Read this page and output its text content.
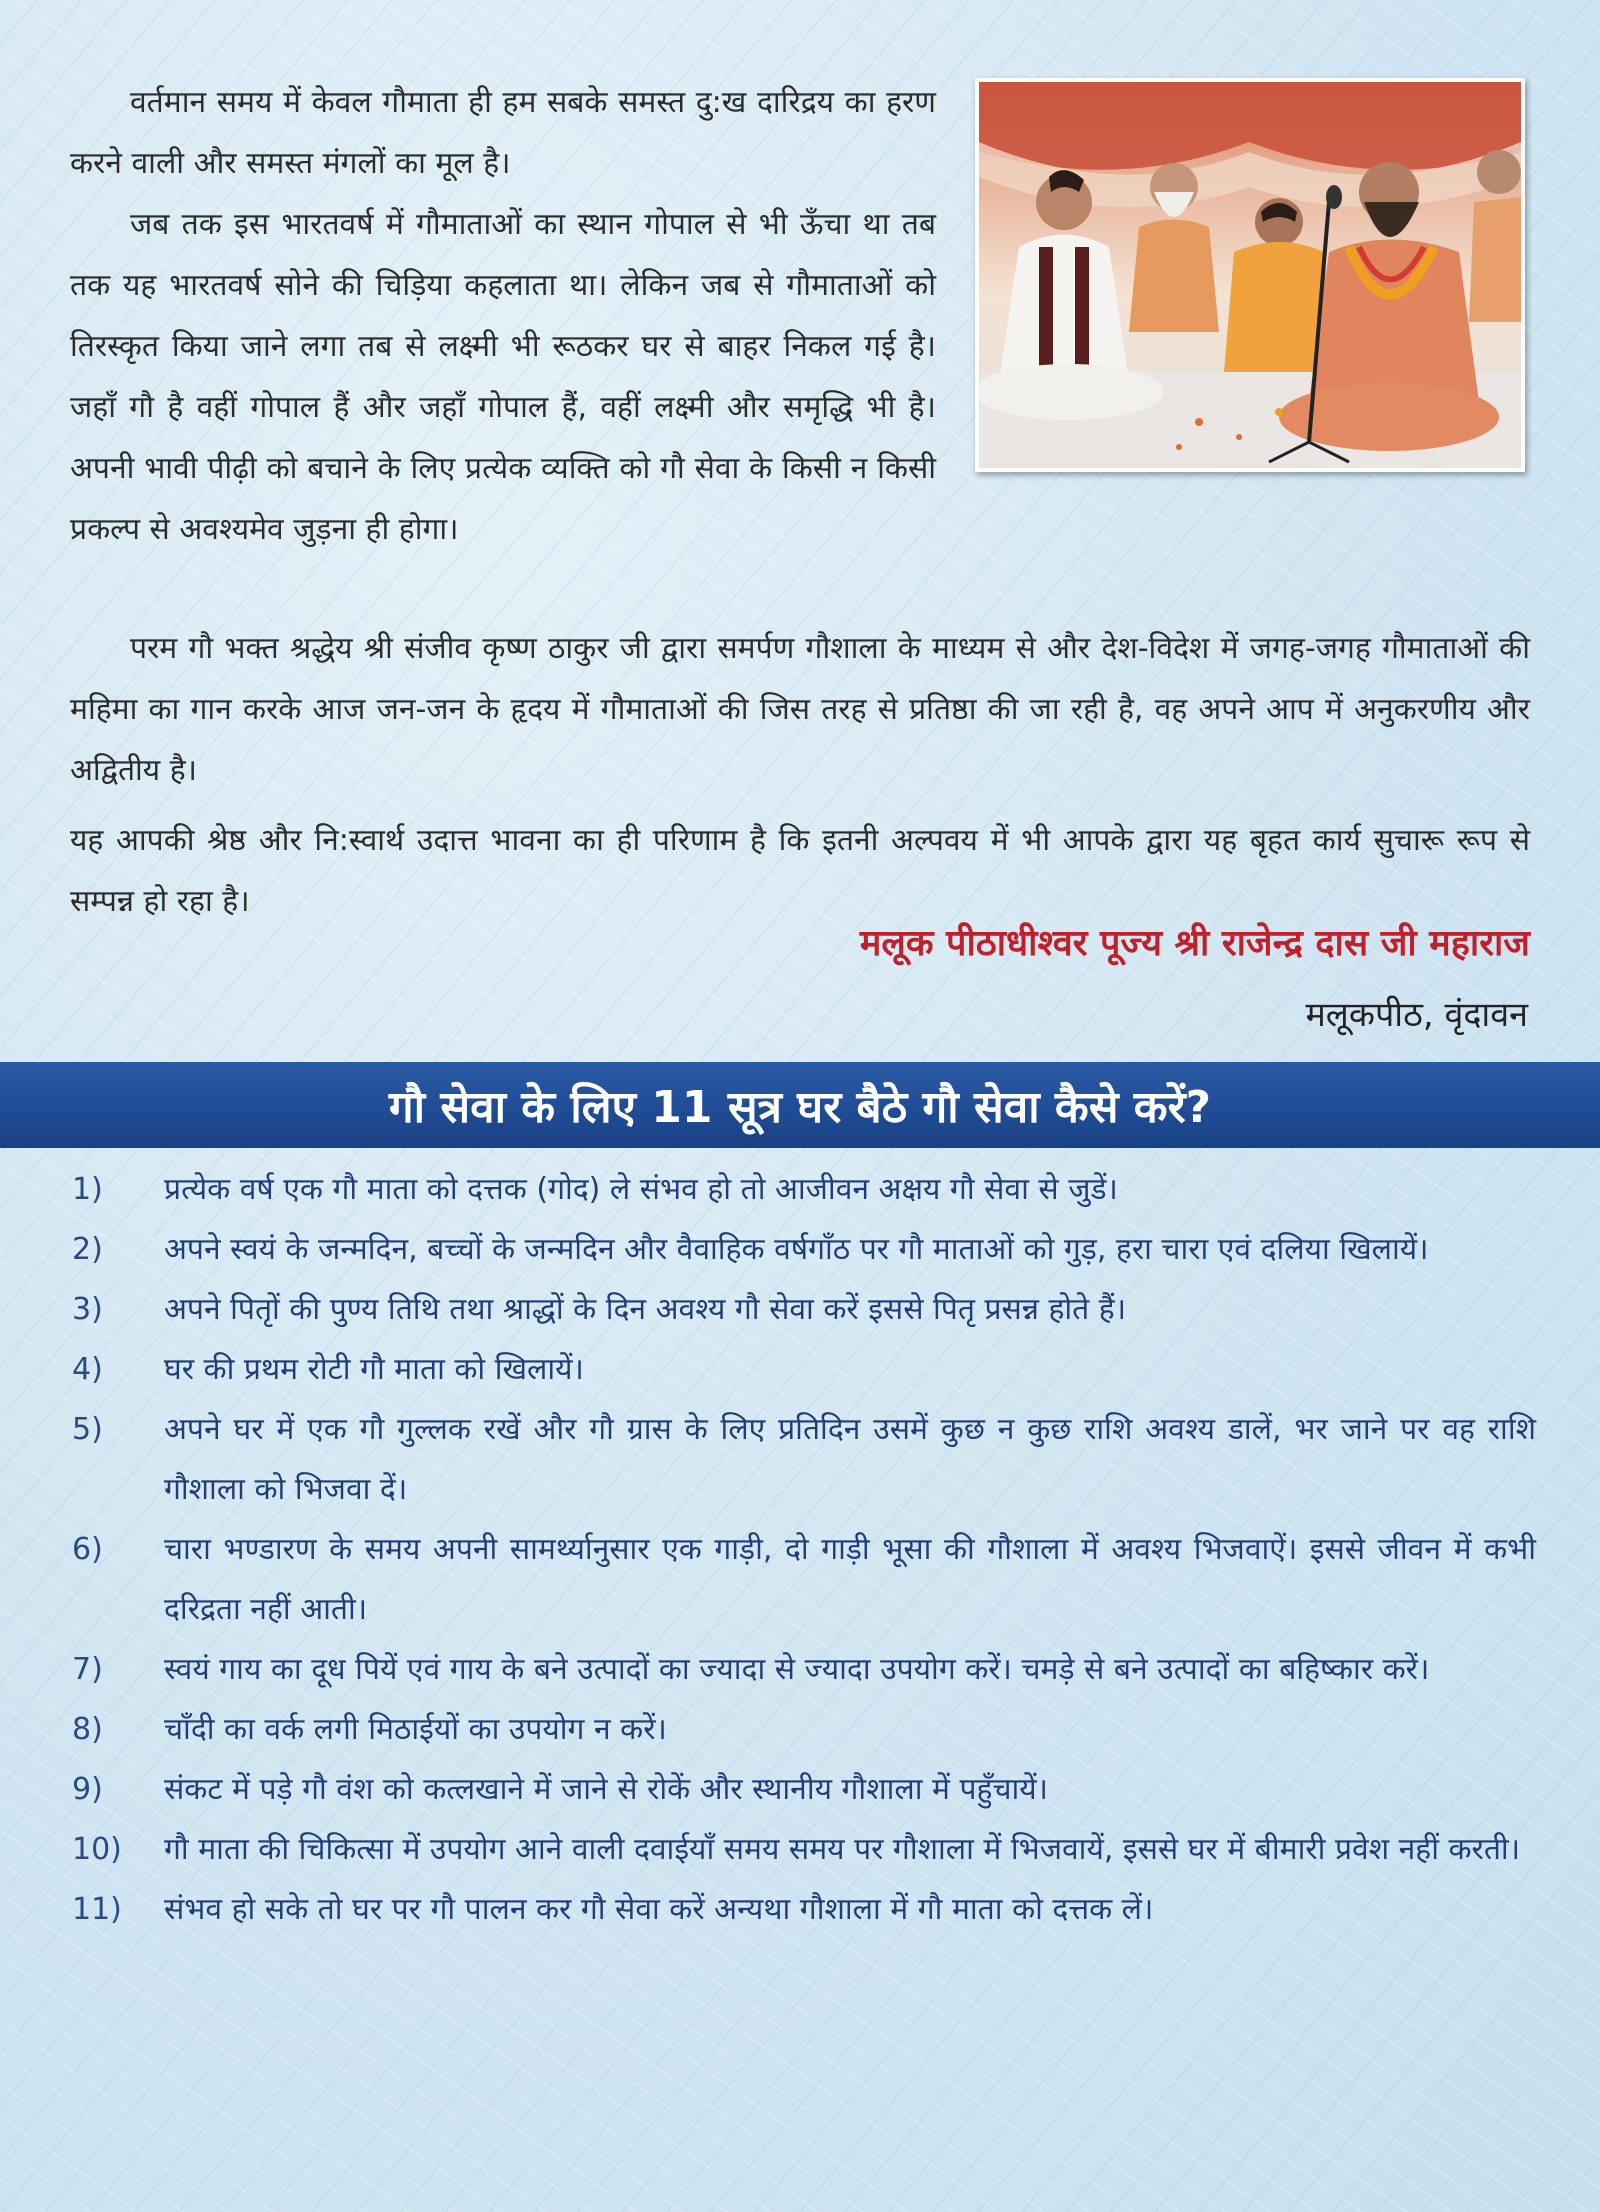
वर्तमान समय में केवल गौमाता ही हम सबके समस्त दु:ख दारिद्रय का हरण करने वाली और समस्त मंगलों का मूल है।

जब तक इस भारतवर्ष में गौमाताओं का स्थान गोपाल से भी ऊँचा था तब तक यह भारतवर्ष सोने की चिड़िया कहलाता था। लेकिन जब से गौमाताओं को तिरस्कृत किया जाने लगा तब से लक्ष्मी भी रूठकर घर से बाहर निकल गई है। जहाँ गौ है वहीं गोपाल हैं और जहाँ गोपाल हैं, वहीं लक्ष्मी और समृद्धि भी है। अपनी भावी पीढ़ी को बचाने के लिए प्रत्येक व्यक्ति को गौ सेवा के किसी न किसी प्रकल्प से अवश्यमेव जुड़ना ही होगा।

परम गौ भक्त श्रद्धेय श्री संजीव कृष्ण ठाकुर जी द्वारा समर्पण गौशाला के माध्यम से और देश-विदेश में जगह-जगह गौमाताओं की महिमा का गान करके आज जन-जन के हृदय में गौमाताओं की जिस तरह से प्रतिष्ठा की जा रही है, वह अपने आप में अनुकरणीय और अद्वितीय है।

यह आपकी श्रेष्ठ और नि:स्वार्थ उदात्त भावना का ही परिणाम है कि इतनी अल्पवय में भी आपके द्वारा यह बृहत कार्य सुचारू रूप से सम्पन्न हो रहा है।

मलूक पीठाधीश्वर पूज्य श्री राजेन्द्र दास जी महाराज
मलूकपीठ, वृंदावन
गौ सेवा के लिए 11 सूत्र घर बैठे गौ सेवा कैसे करें?
1)	प्रत्येक वर्ष एक गौ माता को दत्तक (गोद) ले संभव हो तो आजीवन अक्षय गौ सेवा से जुडें।
2)	अपने स्वयं के जन्मदिन, बच्चों के जन्मदिन और वैवाहिक वर्षगाँठ पर गौ माताओं को गुड़, हरा चारा एवं दलिया खिलायें।
3)	अपने पितृों की पुण्य तिथि तथा श्राद्धों के दिन अवश्य गौ सेवा करें इससे पितृ प्रसन्न होते हैं।
4)	घर की प्रथम रोटी गौ माता को खिलायें।
5)	अपने घर में एक गौ गुल्लक रखें और गौ ग्रास के लिए प्रतिदिन उसमें कुछ न कुछ राशि अवश्य डालें, भर जाने पर वह राशि गौशाला को भिजवा दें।
6)	चारा भण्डारण के समय अपनी सामर्थ्यानुसार एक गाड़ी, दो गाड़ी भूसा की गौशाला में अवश्य भिजवाऐं। इससे जीवन में कभी दरिद्रता नहीं आती।
7)	स्वयं गाय का दूध पियें एवं गाय के बने उत्पादों का ज्यादा से ज्यादा उपयोग करें। चमड़े से बने उत्पादों का बहिष्कार करें।
8)	चाँदी का वर्क लगी मिठाईयों का उपयोग न करें।
9)	संकट में पड़े गौ वंश को कत्लखाने में जाने से रोकें और स्थानीय गौशाला में पहुँचायें।
10)	गौ माता की चिकित्सा में उपयोग आने वाली दवाईयाँ समय समय पर गौशाला में भिजवायें, इससे घर में बीमारी प्रवेश नहीं करती।
11)	संभव हो सके तो घर पर गौ पालन कर गौ सेवा करें अन्यथा गौशाला में गौ माता को दत्तक लें।
